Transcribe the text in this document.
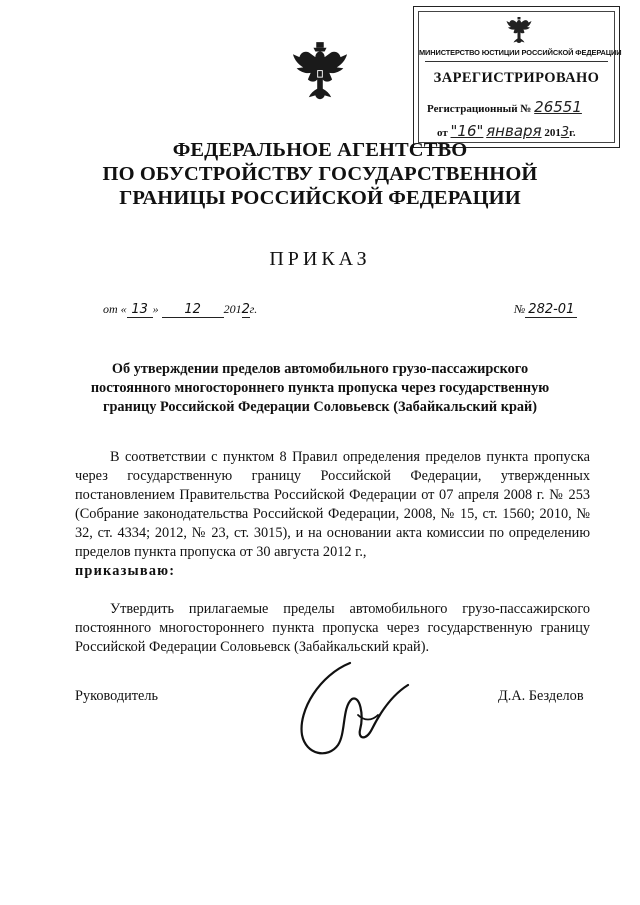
МИНИСТЕРСТВО ЮСТИЦИИ РОССИЙСКОЙ ФЕДЕРАЦИИ
ЗАРЕГИСТРИРОВАНО
Регистрационный № 26551
от "16" января 2013г.
ФЕДЕРАЛЬНОЕ АГЕНТСТВО
ПО ОБУСТРОЙСТВУ ГОСУДАРСТВЕННОЙ
ГРАНИЦЫ РОССИЙСКОЙ ФЕДЕРАЦИИ
ПРИКАЗ
от « 13 » 12 2012г.	№ 282-01
Об утверждении пределов автомобильного грузо-пассажирского
постоянного многостороннего пункта пропуска через государственную
границу Российской Федерации Соловьевск (Забайкальский край)

В соответствии с пунктом 8 Правил определения пределов пункта пропуска через государственную границу Российской Федерации, утвержденных постановлением Правительства Российской Федерации от 07 апреля 2008 г. № 253 (Собрание законодательства Российской Федерации, 2008, № 15, ст. 1560; 2010, № 32, ст. 4334; 2012, № 23, ст. 3015), и на основании акта комиссии по определению пределов пункта пропуска от 30 августа 2012 г.,

приказываю:

Утвердить прилагаемые пределы автомобильного грузо-пассажирского постоянного многостороннего пункта пропуска через государственную границу Российской Федерации Соловьевск (Забайкальский край).

Руководитель	Д.А. Безделов
